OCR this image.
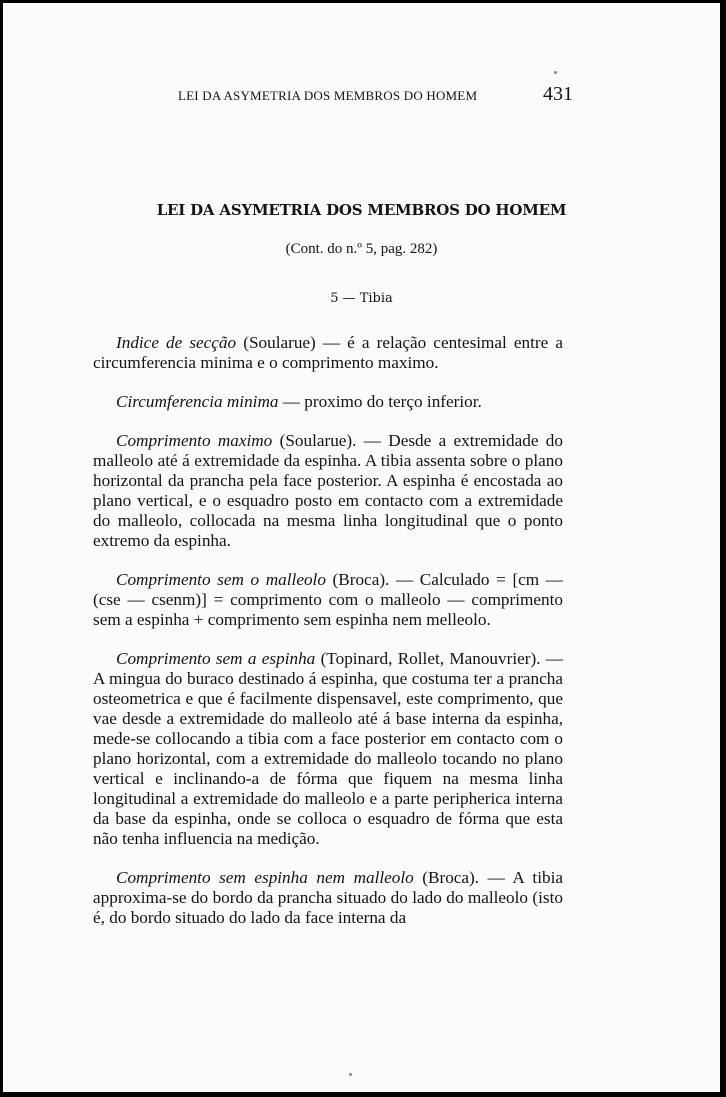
LEI DA ASYMETRIA DOS MEMBROS DO HOMEM	431
LEI DA ASYMETRIA DOS MEMBROS DO HOMEM
(Cont. do n.º 5, pag. 282)
5 — Tibia

Indice de secção (Soularue) — é a relação centesimal entre a circumferencia minima e o comprimento maximo.

Circumferencia minima — proximo do terço inferior.

Comprimento maximo (Soularue). — Desde a extremidade do malleolo até á extremidade da espinha. A tibia assenta sobre o plano horizontal da prancha pela face posterior. A espinha é encostada ao plano vertical, e o esquadro posto em contacto com a extremidade do malleolo, collocada na mesma linha longitudinal que o ponto extremo da espinha.

Comprimento sem o malleolo (Broca). — Calculado = [cm — (cse — csenm)] = comprimento com o malleolo — comprimento sem a espinha + comprimento sem espinha nem melleolo.

Comprimento sem a espinha (Topinard, Rollet, Manouvrier). — A mingua do buraco destinado á espinha, que costuma ter a prancha osteometrica e que é facilmente dispensavel, este comprimento, que vae desde a extremidade do malleolo até á base interna da espinha, mede-se collocando a tibia com a face posterior em contacto com o plano horizontal, com a extremidade do malleolo tocando no plano vertical e inclinando-a de fórma que fiquem na mesma linha longitudinal a extremidade do malleolo e a parte peripherica interna da base da espinha, onde se colloca o esquadro de fórma que esta não tenha influencia na medição.

Comprimento sem espinha nem malleolo (Broca). — A tibia approxima-se do bordo da prancha situado do lado do malleolo (isto é, do bordo situado do lado da face interna da
